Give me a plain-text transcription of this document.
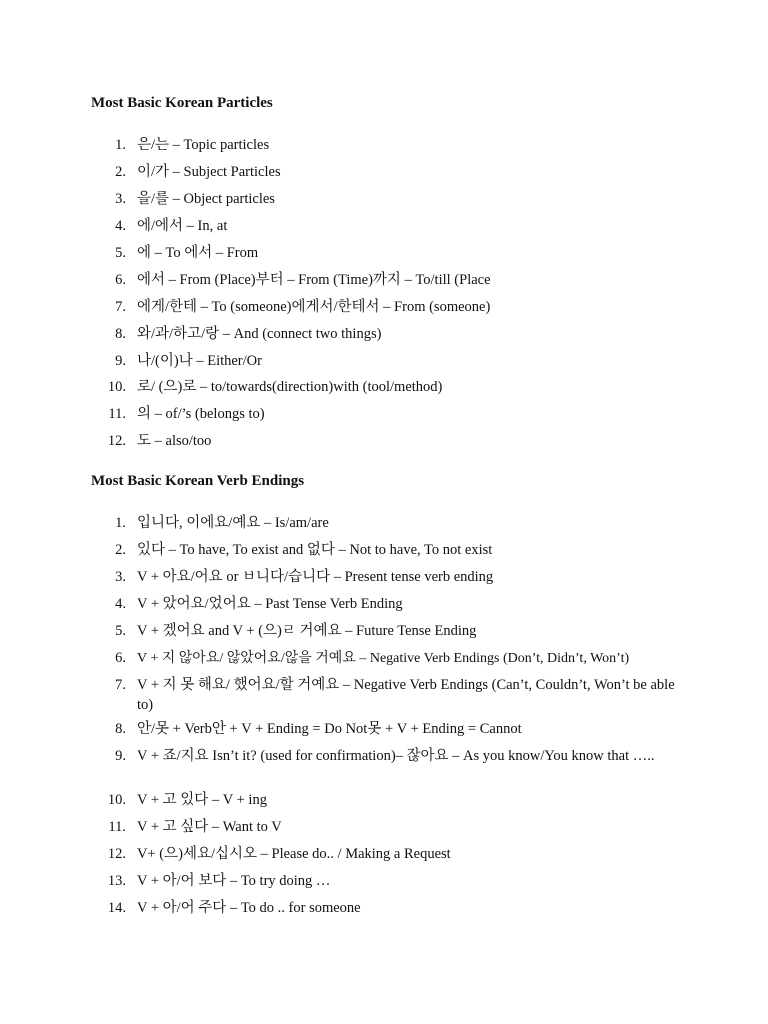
Most Basic Korean Particles
1. 은/는 – Topic particles
2. 이/가 – Subject Particles
3. 을/를 – Object particles
4. 에/에서 – In, at
5. 에 – To 에서 – From
6. 에서 – From (Place)부터 – From (Time)까지 – To/till (Place
7. 에게/한테 – To (someone)에게서/한테서 – From (someone)
8. 와/과/하고/랑 – And (connect two things)
9. 나/(이)나 – Either/Or
10. 로/ (으)로 – to/towards(direction)with (tool/method)
11. 의 – of/’s (belongs to)
12. 도 – also/too
Most Basic Korean Verb Endings
1. 입니다, 이에요/예요 – Is/am/are
2. 있다 – To have, To exist and 없다 – Not to have, To not exist
3. V + 아요/어요 or ㅂ니다/습니다 – Present tense verb ending
4. V + 았어요/었어요 – Past Tense Verb Ending
5. V + 겠어요 and V + (으)ㄹ 거예요 – Future Tense Ending
6. V + 지 않아요/ 않았어요/않을 거예요 – Negative Verb Endings (Don’t, Didn’t, Won’t)
7. V + 지 못 해요/ 했어요/할 거예요 – Negative Verb Endings (Can’t, Couldn’t, Won’t be able to)
8. 안/못 + Verb안 + V + Ending = Do Not못 + V + Ending = Cannot
9. V + 죠/지요 Isn’t it? (used for confirmation)– 잖아요 – As you know/You know that …..
10. V + 고 있다 – V + ing
11. V + 고 싶다 – Want to V
12. V+ (으)세요/십시오 – Please do.. / Making a Request
13. V + 아/어 보다 – To try doing …
14. V + 아/어 주다 – To do .. for someone
